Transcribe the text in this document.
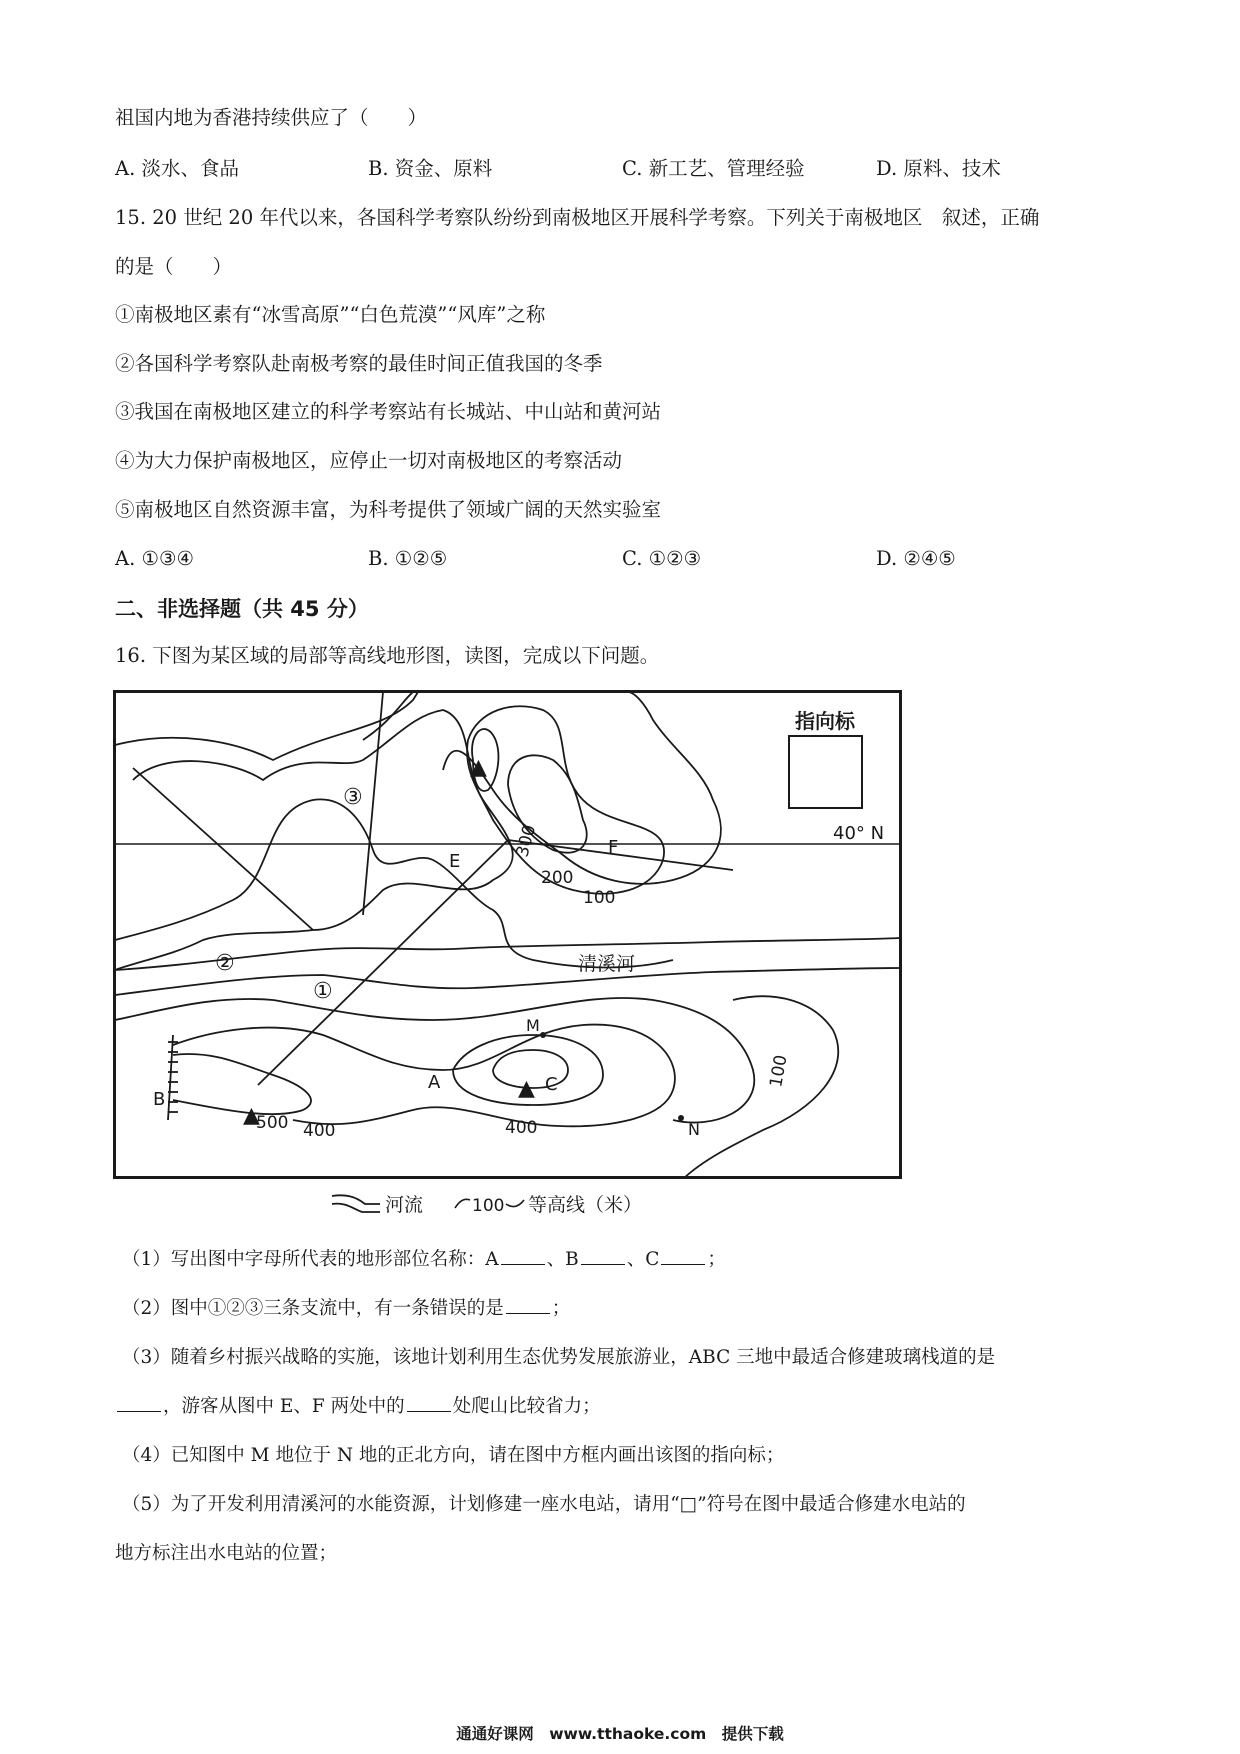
祖国内地为香港持续供应了（　　）
A. 淡水、食品	B. 资金、原料	C. 新工艺、管理经验	D. 原料、技术
15. 20 世纪 20 年代以来，各国科学考察队纷纷到南极地区开展科学考察。下列关于南极地区　叙述，正确
的是（　　）
①南极地区素有“冰雪高原”“白色荒漠”“风库”之称
②各国科学考察队赴南极考察的最佳时间正值我国的冬季
③我国在南极地区建立的科学考察站有长城站、中山站和黄河站
④为大力保护南极地区，应停止一切对南极地区的考察活动
⑤南极地区自然资源丰富，为科考提供了领域广阔的天然实验室
A. ①③④	B. ①②⑤	C. ①②③	D. ②④⑤
二、非选择题（共 45 分）
16. 下图为某区域的局部等高线地形图，读图，完成以下问题。
指向标
40° N
▲
▲
▲
A
B
C
E
F
M
N
①
②
③
清溪河
300
200
100
100
500 400	400
河流	100 等高线（米）
（1）写出图中字母所代表的地形部位名称：A	、B	、C	；
（2）图中①②③三条支流中，有一条错误的是	；
（3）随着乡村振兴战略的实施，该地计划利用生态优势发展旅游业，ABC 三地中最适合修建玻璃栈道的是
，游客从图中 E、F 两处中的	处爬山比较省力；
（4）已知图中 M 地位于 N 地的正北方向，请在图中方框内画出该图的指向标；
（5）为了开发利用清溪河的水能资源，计划修建一座水电站，请用“□”符号在图中最适合修建水电站的
地方标注出水电站的位置；
通通好课网　www.tthaoke.com　提供下载
